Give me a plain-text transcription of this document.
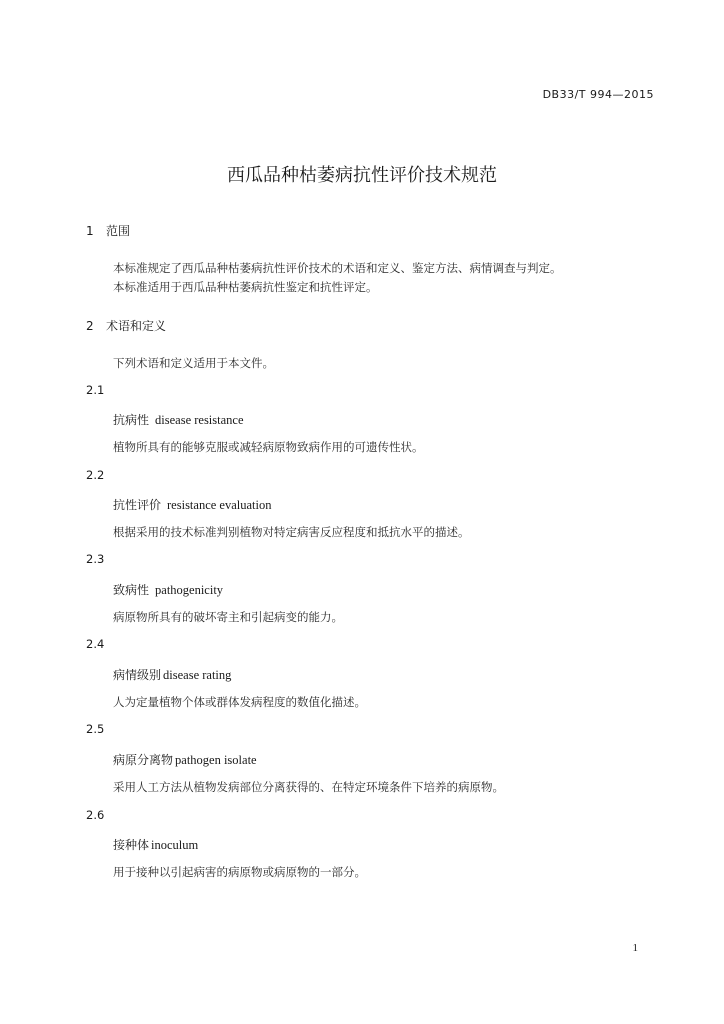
DB33/T 994—2015
西瓜品种枯萎病抗性评价技术规范
1 范围
本标准规定了西瓜品种枯萎病抗性评价技术的术语和定义、鉴定方法、病情调查与判定。
本标准适用于西瓜品种枯萎病抗性鉴定和抗性评定。
2 术语和定义
下列术语和定义适用于本文件。
2.1
抗病性 disease resistance
植物所具有的能够克服或减轻病原物致病作用的可遗传性状。
2.2
抗性评价 resistance evaluation
根据采用的技术标准判别植物对特定病害反应程度和抵抗水平的描述。
2.3
致病性 pathogenicity
病原物所具有的破坏寄主和引起病变的能力。
2.4
病情级别 disease rating
人为定量植物个体或群体发病程度的数值化描述。
2.5
病原分离物 pathogen isolate
采用人工方法从植物发病部位分离获得的、在特定环境条件下培养的病原物。
2.6
接种体 inoculum
用于接种以引起病害的病原物或病原物的一部分。
1
